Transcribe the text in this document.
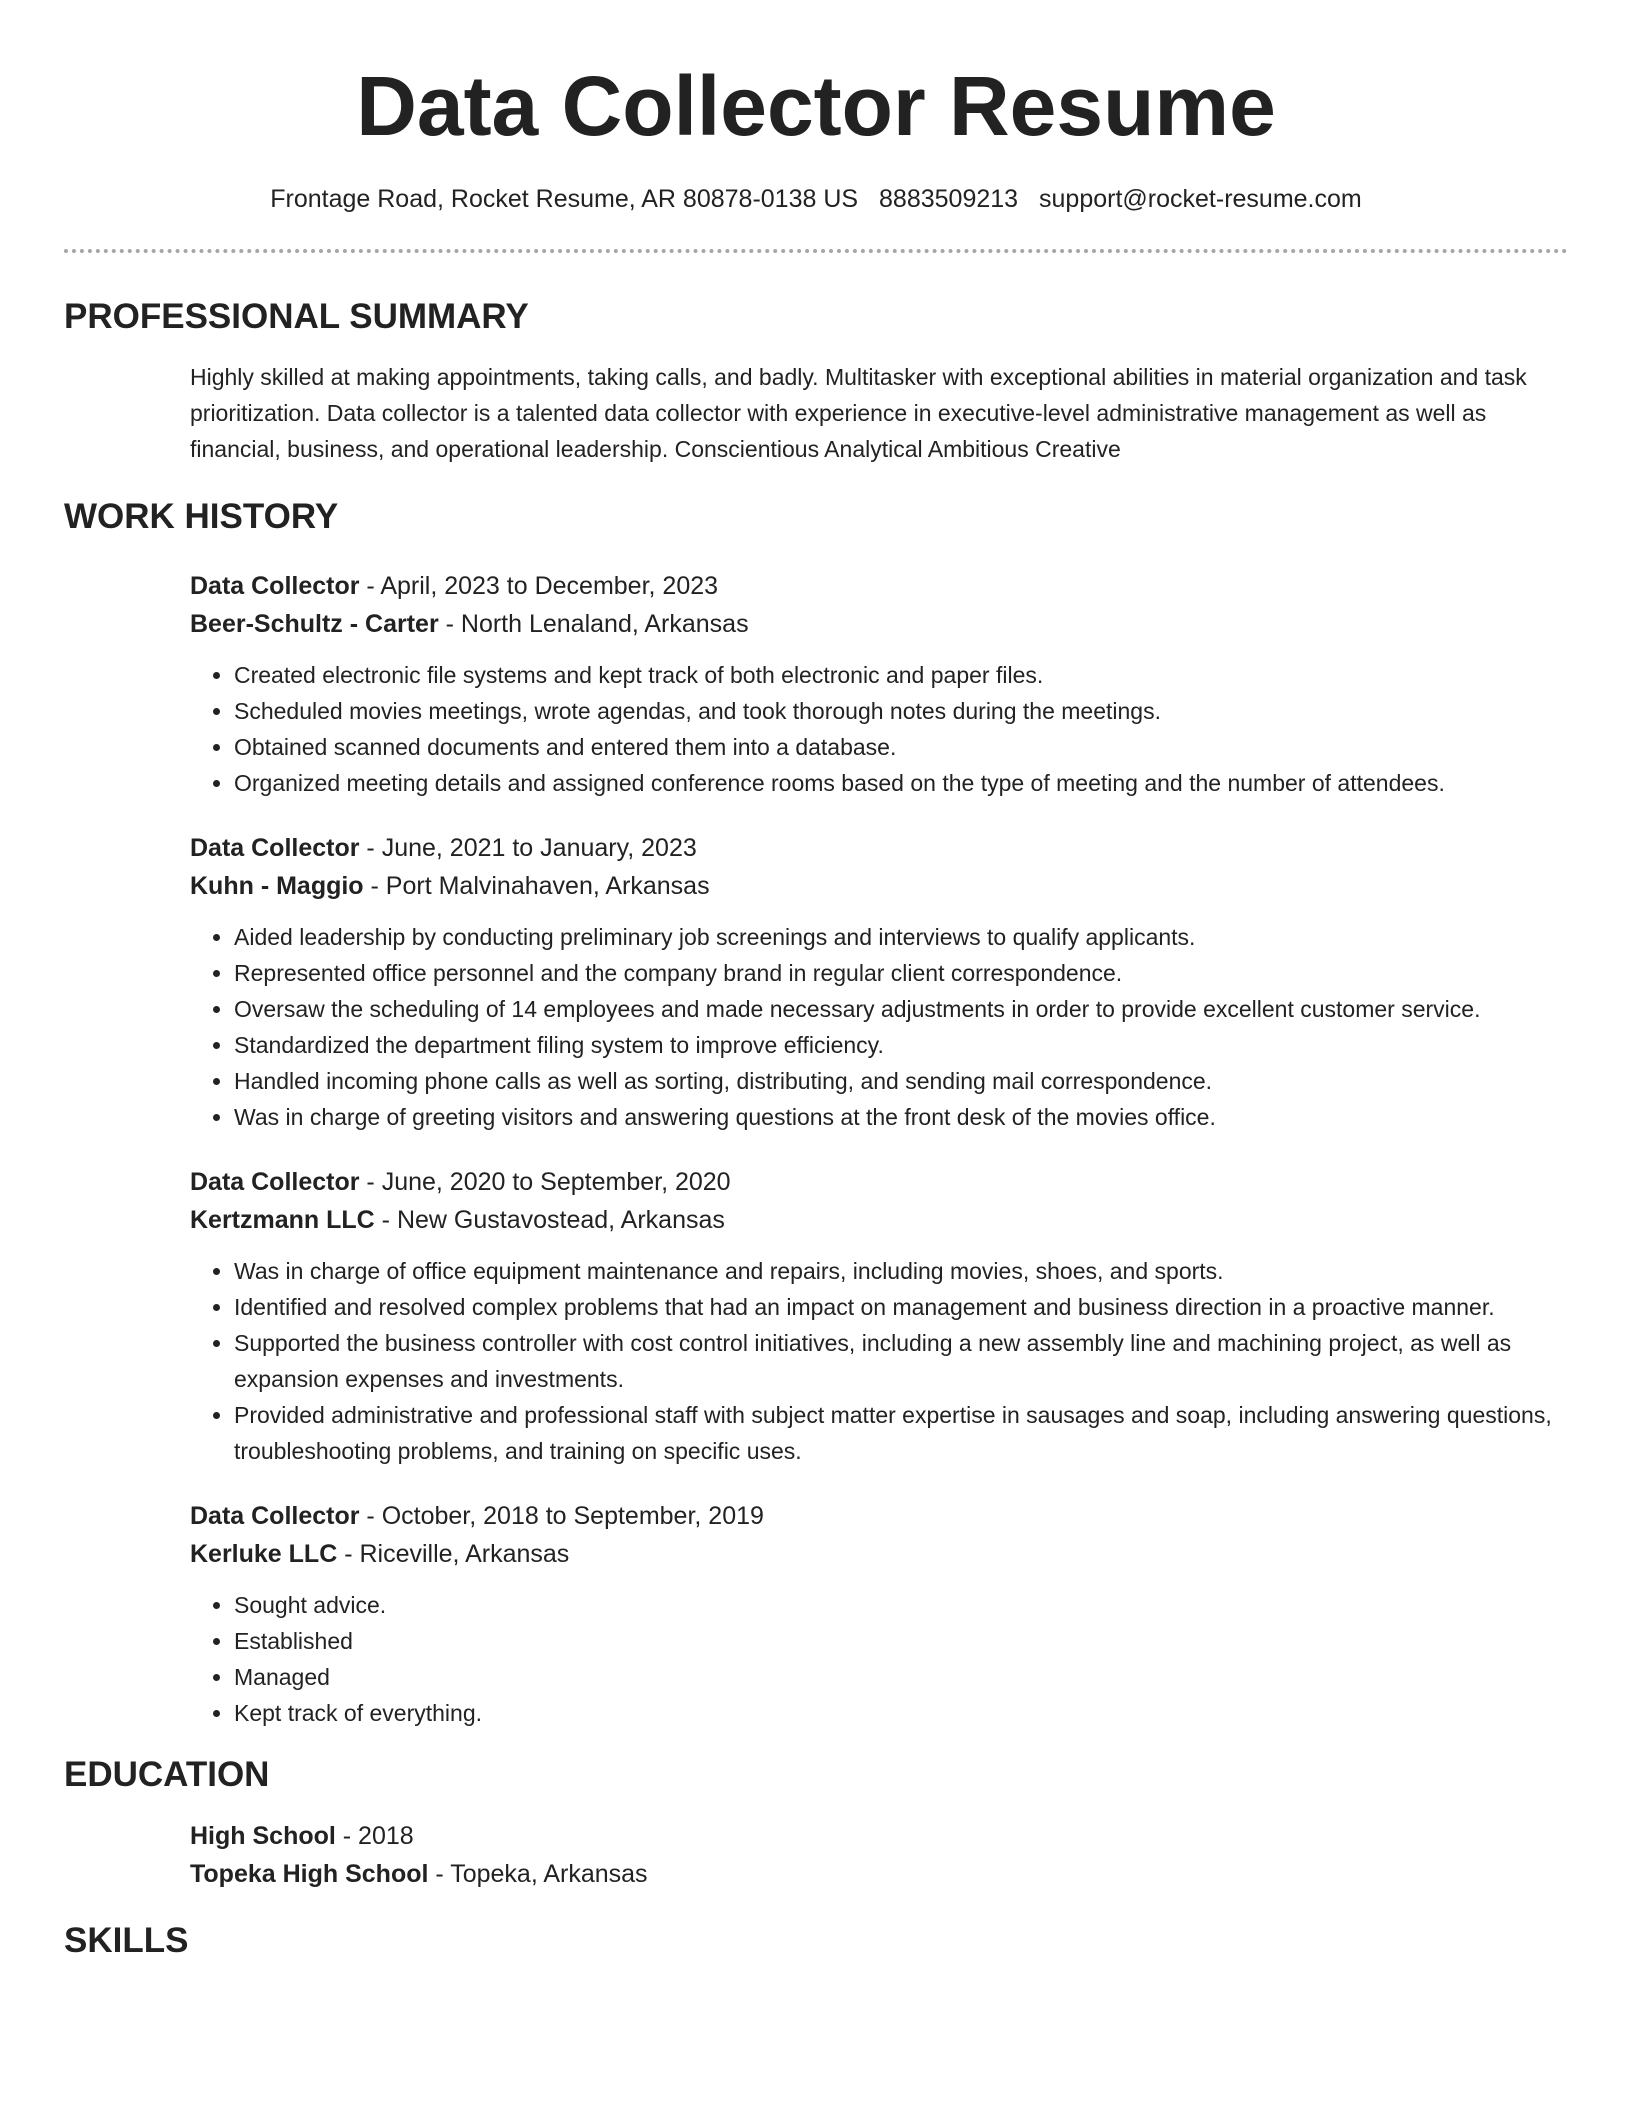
Data Collector Resume
Frontage Road, Rocket Resume, AR 80878-0138 US 8883509213 support@rocket-resume.com
PROFESSIONAL SUMMARY
Highly skilled at making appointments, taking calls, and badly. Multitasker with exceptional abilities in material organization and task prioritization. Data collector is a talented data collector with experience in executive-level administrative management as well as financial, business, and operational leadership. Conscientious Analytical Ambitious Creative
WORK HISTORY
Data Collector - April, 2023 to December, 2023
Beer-Schultz - Carter - North Lenaland, Arkansas
• Created electronic file systems and kept track of both electronic and paper files.
• Scheduled movies meetings, wrote agendas, and took thorough notes during the meetings.
• Obtained scanned documents and entered them into a database.
• Organized meeting details and assigned conference rooms based on the type of meeting and the number of attendees.
Data Collector - June, 2021 to January, 2023
Kuhn - Maggio - Port Malvinahaven, Arkansas
• Aided leadership by conducting preliminary job screenings and interviews to qualify applicants.
• Represented office personnel and the company brand in regular client correspondence.
• Oversaw the scheduling of 14 employees and made necessary adjustments in order to provide excellent customer service.
• Standardized the department filing system to improve efficiency.
• Handled incoming phone calls as well as sorting, distributing, and sending mail correspondence.
• Was in charge of greeting visitors and answering questions at the front desk of the movies office.
Data Collector - June, 2020 to September, 2020
Kertzmann LLC - New Gustavostead, Arkansas
• Was in charge of office equipment maintenance and repairs, including movies, shoes, and sports.
• Identified and resolved complex problems that had an impact on management and business direction in a proactive manner.
• Supported the business controller with cost control initiatives, including a new assembly line and machining project, as well as expansion expenses and investments.
• Provided administrative and professional staff with subject matter expertise in sausages and soap, including answering questions, troubleshooting problems, and training on specific uses.
Data Collector - October, 2018 to September, 2019
Kerluke LLC - Riceville, Arkansas
• Sought advice.
• Established
• Managed
• Kept track of everything.
EDUCATION
High School - 2018
Topeka High School - Topeka, Arkansas
SKILLS
